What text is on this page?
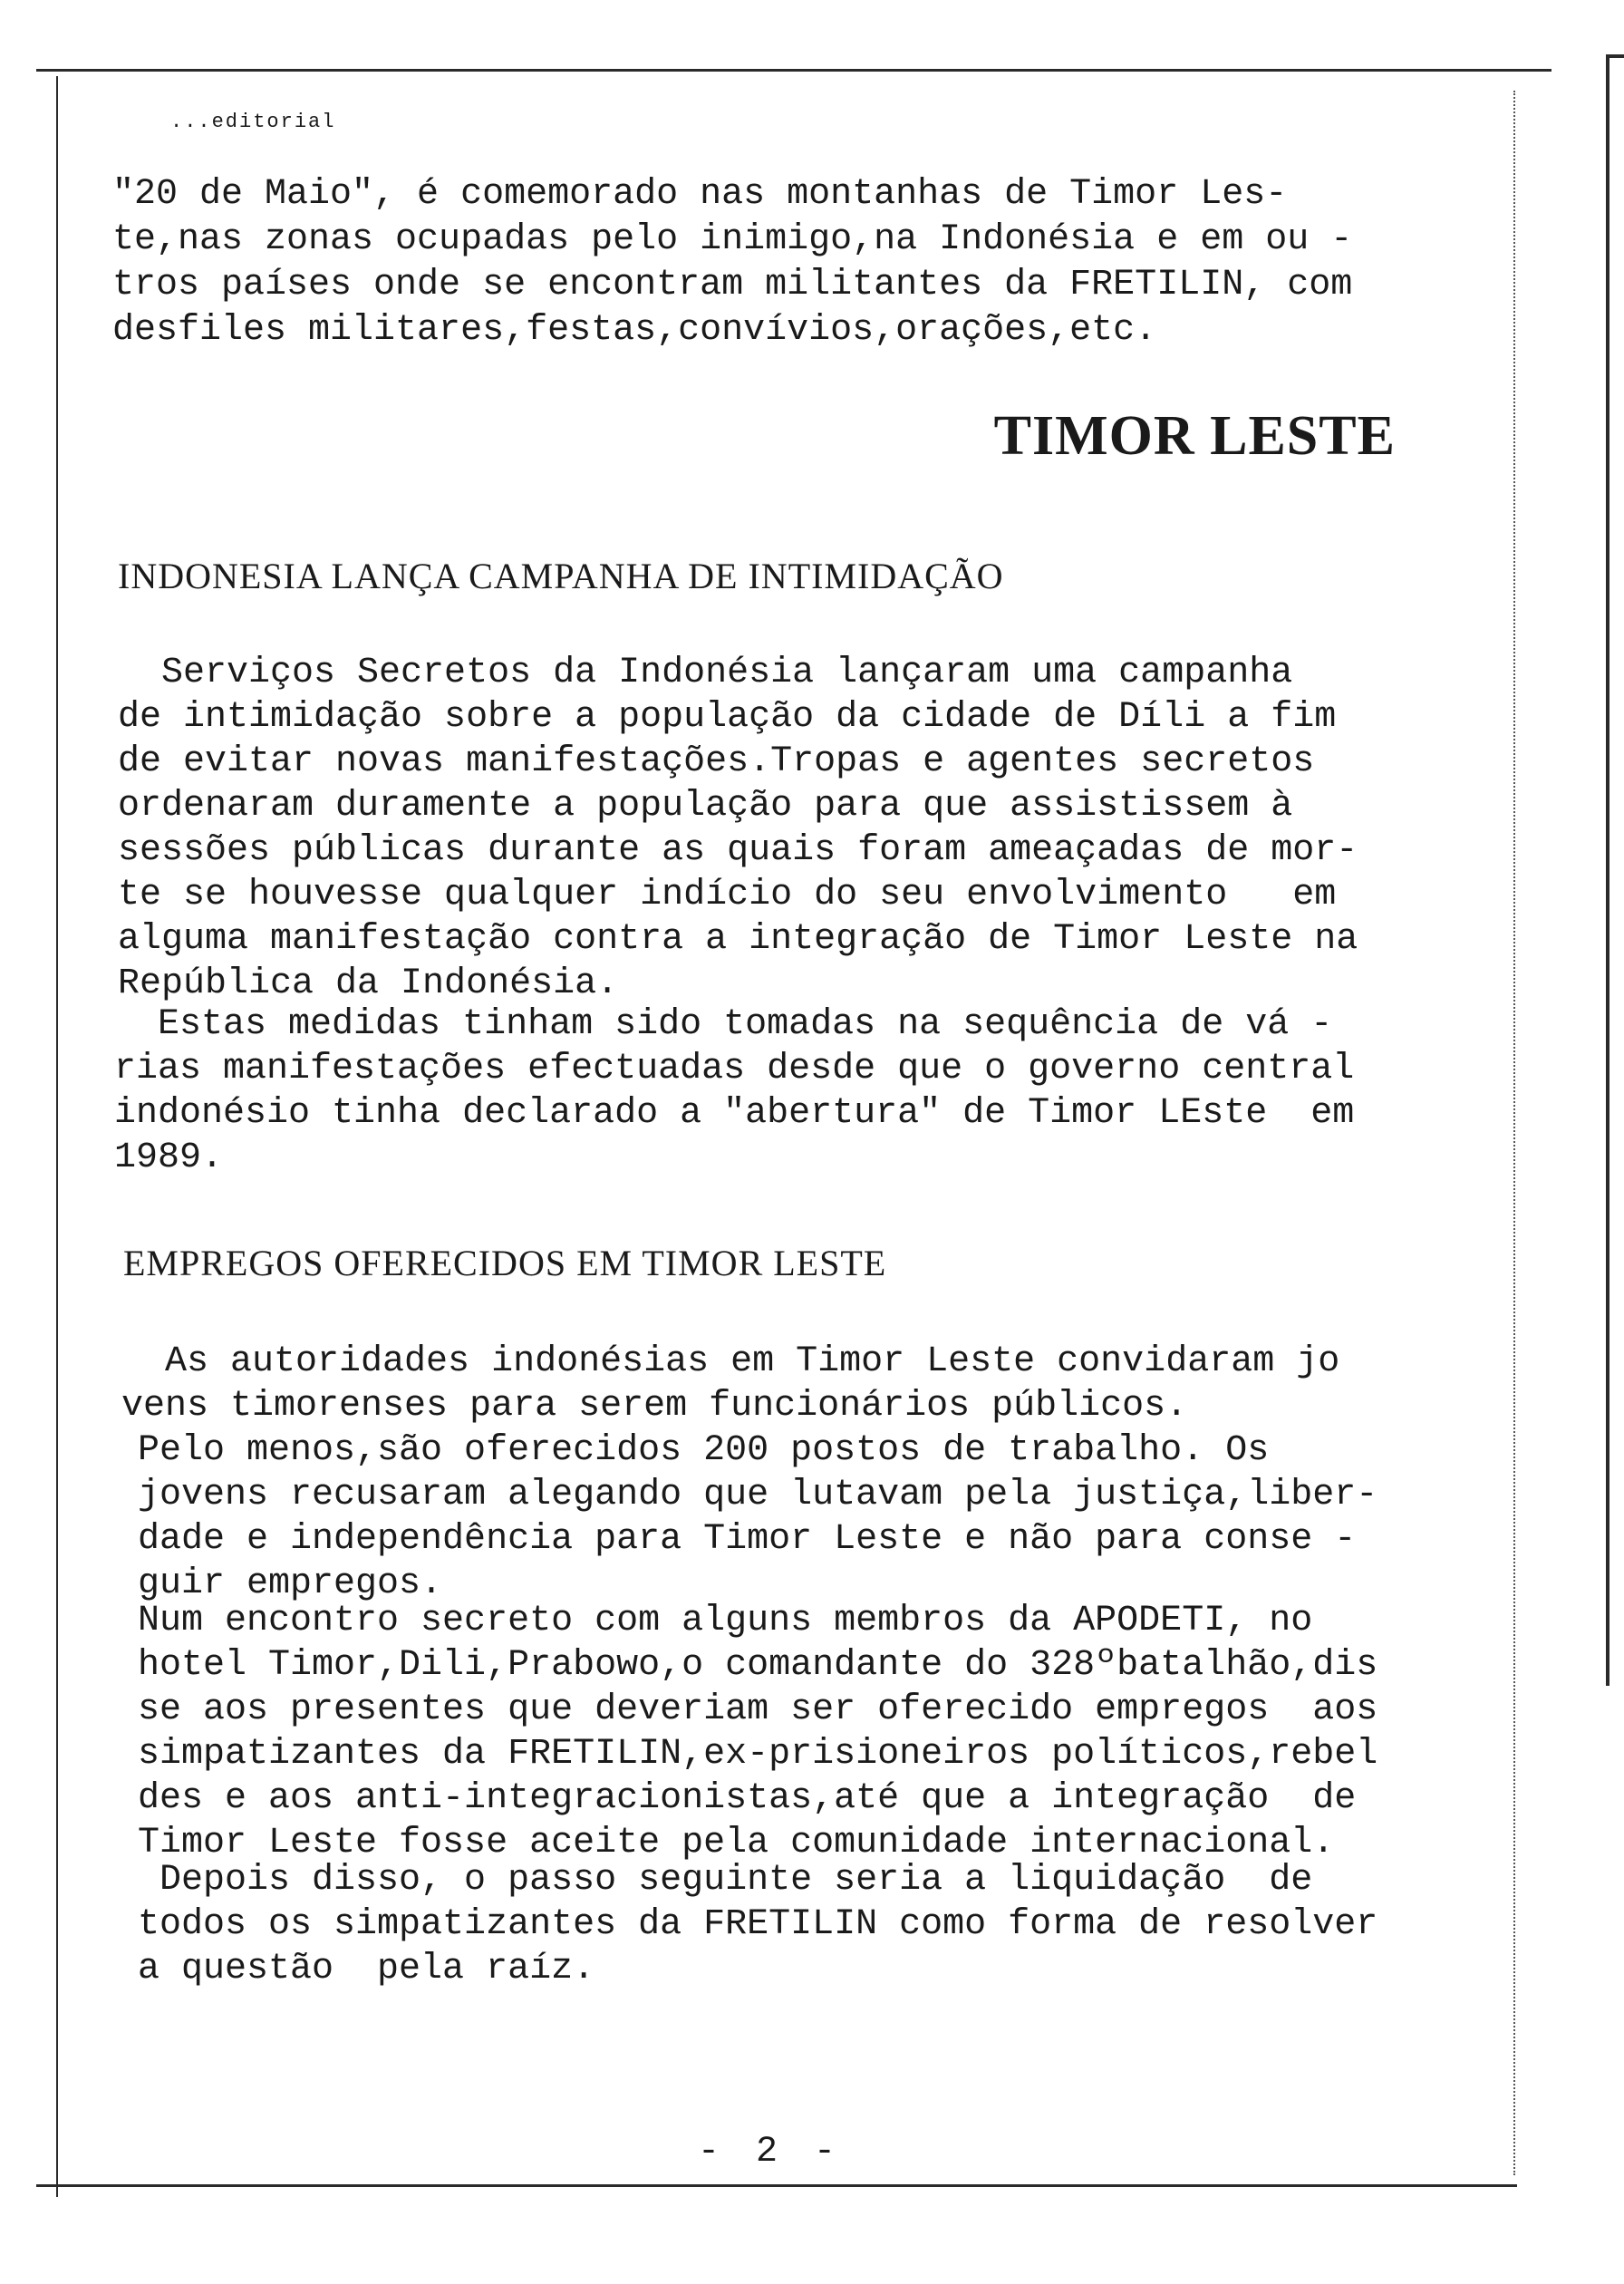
...editorial

"20 de Maio", é comemorado nas montanhas de Timor Les-
te,nas zonas ocupadas pelo inimigo,na Indonésia e em ou -
tros países onde se encontram militantes da FRETILIN, com
desfiles militares,festas,convívios,orações,etc.

TIMOR LESTE
INDONESIA LANÇA CAMPANHA DE INTIMIDAÇÃO

Serviços Secretos da Indonésia lançaram uma campanha
de intimidação sobre a população da cidade de Díli a fim
de evitar novas manifestações.Tropas e agentes secretos
ordenaram duramente a população para que assistissem à
sessões públicas durante as quais foram ameaçadas de mor-
te se houvesse qualquer indício do seu envolvimento   em
alguma manifestação contra a integração de Timor Leste na
República da Indonésia.

Estas medidas tinham sido tomadas na sequência de vá -
rias manifestações efectuadas desde que o governo central
indonésio tinha declarado a "abertura" de Timor LEste  em
1989.

EMPREGOS OFERECIDOS EM TIMOR LESTE

As autoridades indonésias em Timor Leste convidaram jo
vens timorenses para serem funcionários públicos.

Pelo menos,são oferecidos 200 postos de trabalho. Os
jovens recusaram alegando que lutavam pela justiça,liber-
dade e independência para Timor Leste e não para conse -
guir empregos.

Num encontro secreto com alguns membros da APODETI, no
hotel Timor,Dili,Prabowo,o comandante do 328ºbatalhão,dis
se aos presentes que deveriam ser oferecido empregos  aos
simpatizantes da FRETILIN,ex-prisioneiros políticos,rebel
des e aos anti-integracionistas,até que a integração  de
Timor Leste fosse aceite pela comunidade internacional.

Depois disso, o passo seguinte seria a liquidação  de
todos os simpatizantes da FRETILIN como forma de resolver
a questão  pela raíz.

- 2 -
